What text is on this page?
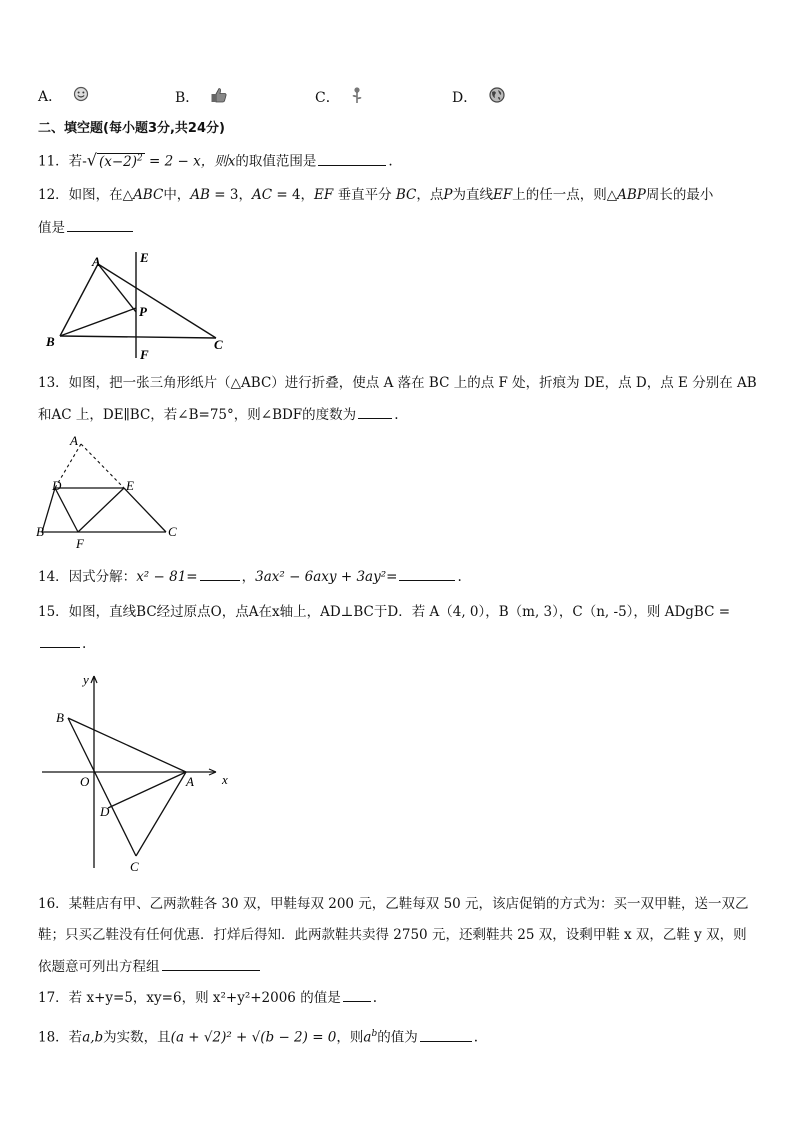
A．	B．	C．	D．
二、填空题(每小题3分,共24分)
11．若-√ $(x-2)^2 = 2 - x$，则x的取值范围是	.
12．如图，在△ABC中，AB = 3，AC = 4，EF 垂直平分 BC，点P为直线EF上的任一点，则△ABP周长的最小
值是
A
B	C
E
F
P
13．如图，把一张三角形纸片（△ABC）进行折叠，使点 A 落在 BC 上的点 F 处，折痕为 DE，点 D，点 E 分别在 AB
和AC 上，DE∥BC，若∠B=75°，则∠BDF的度数为	.
A
D	E
B	C
F
14．因式分解：x² − 81=	，3ax² − 6axy + 3ay²=	.
15．如图，直线BC经过原点O，点A在x轴上，AD⊥BC于D．若 A（4, 0），B（m, 3），C（n, -5），则 ADgBC =
.
y
x
O	A
B
C
D
16．某鞋店有甲、乙两款鞋各 30 双，甲鞋每双 200 元，乙鞋每双 50 元，该店促销的方式为：买一双甲鞋，送一双乙
鞋；只买乙鞋没有任何优惠．打烊后得知．此两款鞋共卖得 2750 元，还剩鞋共 25 双，设剩甲鞋 x 双，乙鞋 y 双，则
依题意可列出方程组
17．若 x+y=5，xy=6，则 x²+y²+2006 的值是 .
18．若a,b为实数，且(a + √2)² + √(b − 2) = 0，则$a^b$的值为	.
